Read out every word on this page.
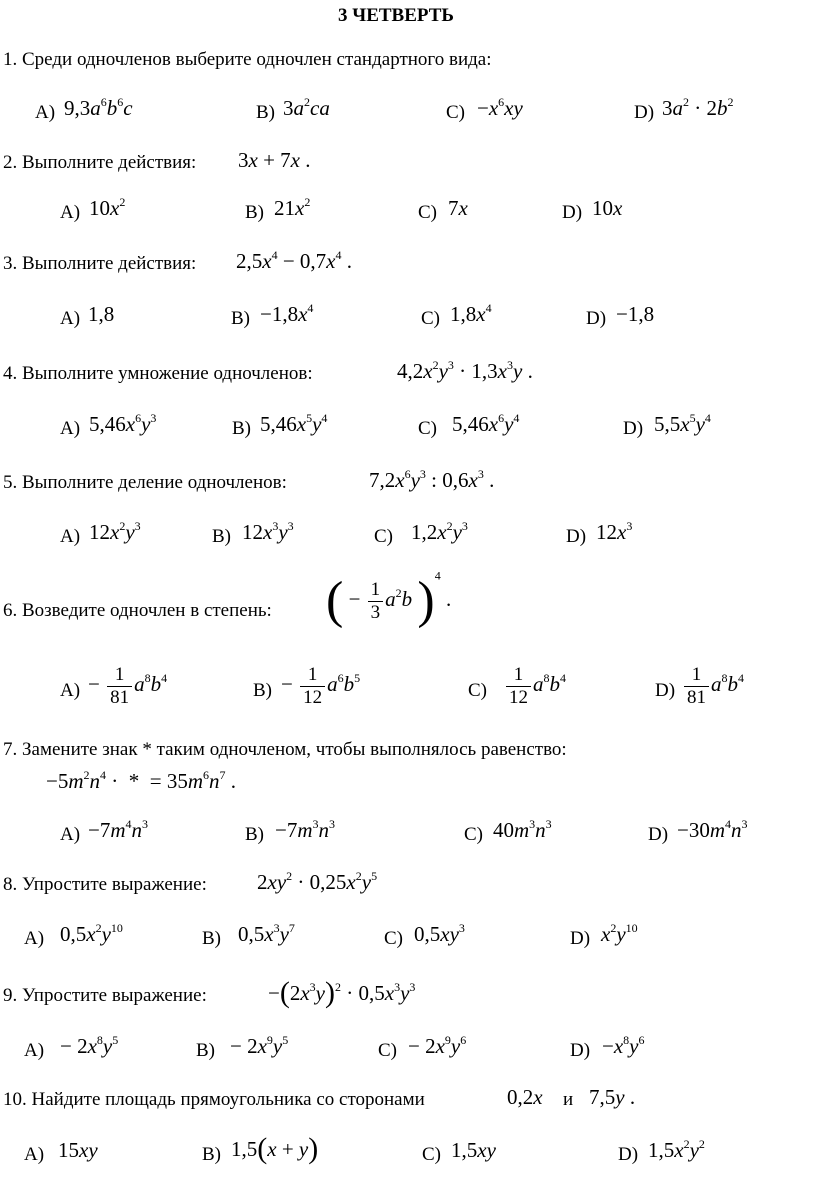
3 ЧЕТВЕРТЬ
1. Среди одночленов выберите одночлен стандартного вида:
A) $9,3a^6b^6c$	B) $3a^2ca$	$C) -x^6xy$	D) $3a^2 \cdot 2b^2$
2. Выполните действия: 3x + 7x .
A) $10x^2$	B) $21x^2$	C) 7x	D) 10x
3. Выполните действия: $2,5x^4 - 0,7x^4$ .
A) 1,8	$B) -1,8x^4$	C) $1,8x^4$	D) −1,8
4. Выполните умножение одночленов:	$4,2x^2y^3 \cdot 1,3x^3y$ .
A) $5,46x^6y^3$	B) $5,46x^5y^4$	C) $5,46x^6y^4$	D) $5,5x^5y^4$
5. Выполните деление одночленов:	$7,2x^6y^3$ : $0,6x^3$ .
A) $12x^2y^3$	B) $12x^3y^3$	C) $1,2x^2y^3$	D) $12x^3$
6. Возведите одночлен в степень: ( − $\frac{1}{3} a^2b$ )$^4$ .
$A) - \frac{1}{81} a^8b^4$
$B) - \frac{1}{12} a^6b^5$
$C) \frac{1}{12} a^8b^4$
$D) \frac{1}{81} a^8b^4$
7. Замените знак * таким одночленом, чтобы выполнялось равенство:
$-5m^2n^4$ ·  *  = $35m^6n^7$ .
$A) -7m^4n^3$	$B) -7m^3n^3$	C) $40m^3n^3$	$D) -30m^4n^3$
8. Упростите выражение: $2xy^2 \cdot 0,25x^2y^5$
A) $0,5x^2y^{10}$	B) $0,5x^3y^7$	C) $0,5xy^3$	D) $x^2y^{10}$
9. Упростите выражение:	$-(2x^3y)^2 \cdot 0,5x^3y^3$
$A) - 2x^8y^5$	$B) - 2x^9y^5$	$C) - 2x^9y^6$	$D) -x^8y^6$
10. Найдите площадь прямоугольника со сторонами	0,2x и 7,5y .
A) 15xy	B) 1,5(x + y)	C) 1,5xy	D) $1,5x^2y^2$
